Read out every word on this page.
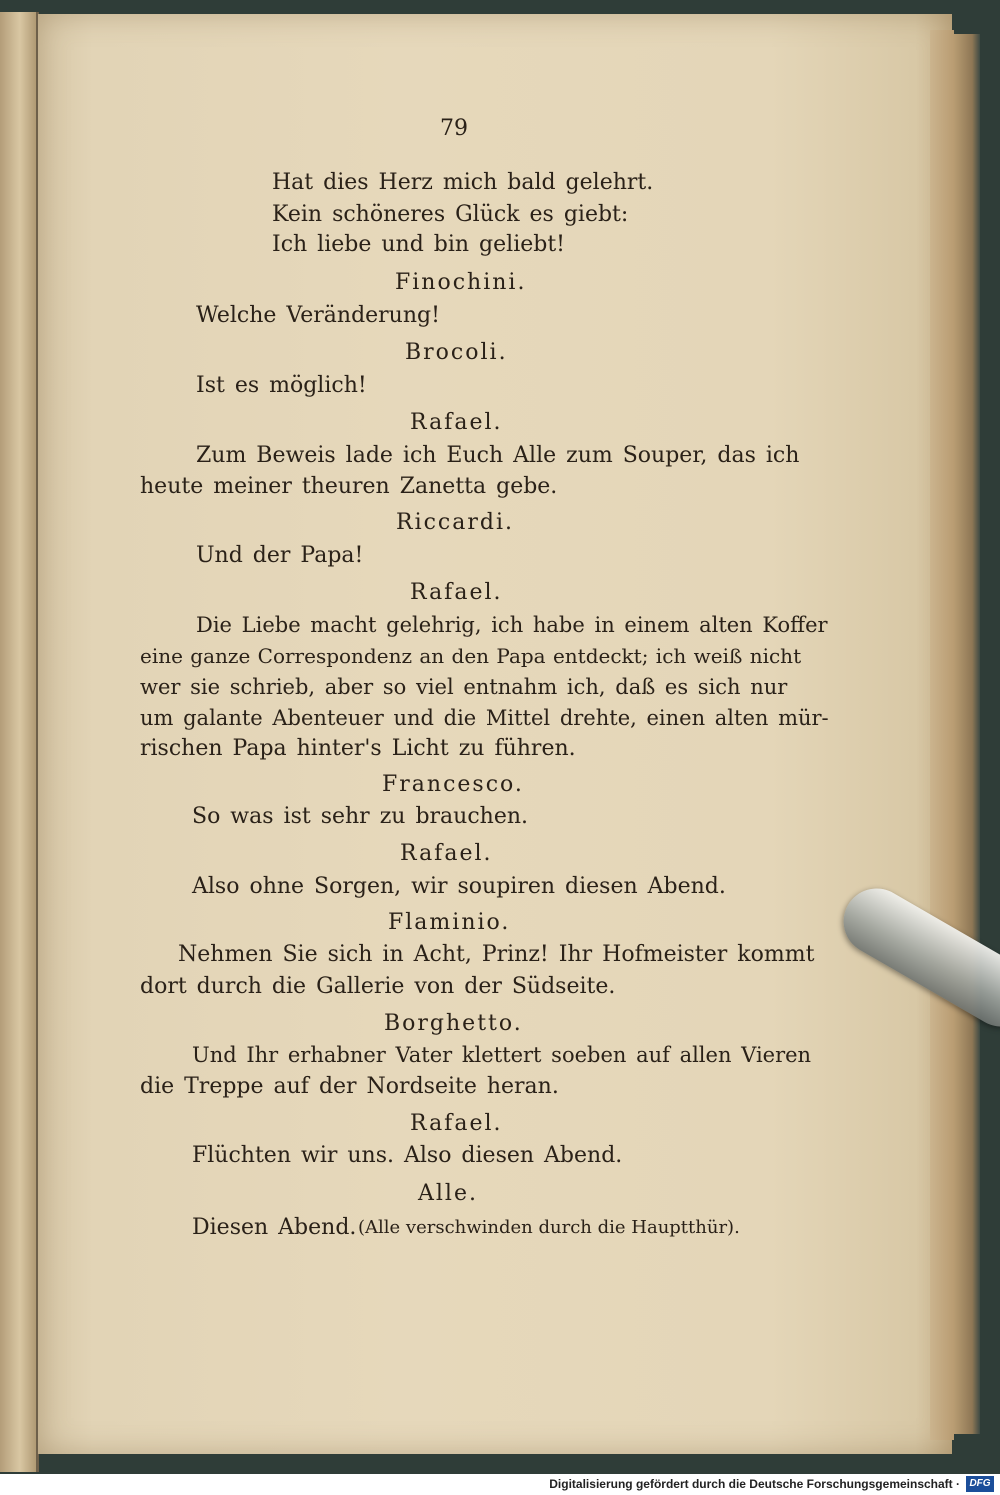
79
Hat dies Herz mich bald gelehrt.
Kein schöneres Glück es giebt:
Ich liebe und bin geliebt!
Finochini.
Welche Veränderung!
Brocoli.
Ist es möglich!
Rafael.
Zum Beweis lade ich Euch Alle zum Souper, das ich
heute meiner theuren Zanetta gebe.
Riccardi.
Und der Papa!
Rafael.
Die Liebe macht gelehrig, ich habe in einem alten Koffer
eine ganze Correspondenz an den Papa entdeckt; ich weiß nicht
wer sie schrieb, aber so viel entnahm ich, daß es sich nur
um galante Abenteuer und die Mittel drehte, einen alten mür-
rischen Papa hinter's Licht zu führen.
Francesco.
So was ist sehr zu brauchen.
Rafael.
Also ohne Sorgen, wir soupiren diesen Abend.
Flaminio.
Nehmen Sie sich in Acht, Prinz! Ihr Hofmeister kommt
dort durch die Gallerie von der Südseite.
Borghetto.
Und Ihr erhabner Vater klettert soeben auf allen Vieren
die Treppe auf der Nordseite heran.
Rafael.
Flüchten wir uns. Also diesen Abend.
Alle.
Diesen Abend. (Alle verschwinden durch die Hauptthür).
Digitalisierung gefördert durch die Deutsche Forschungsgemeinschaft · DFG
